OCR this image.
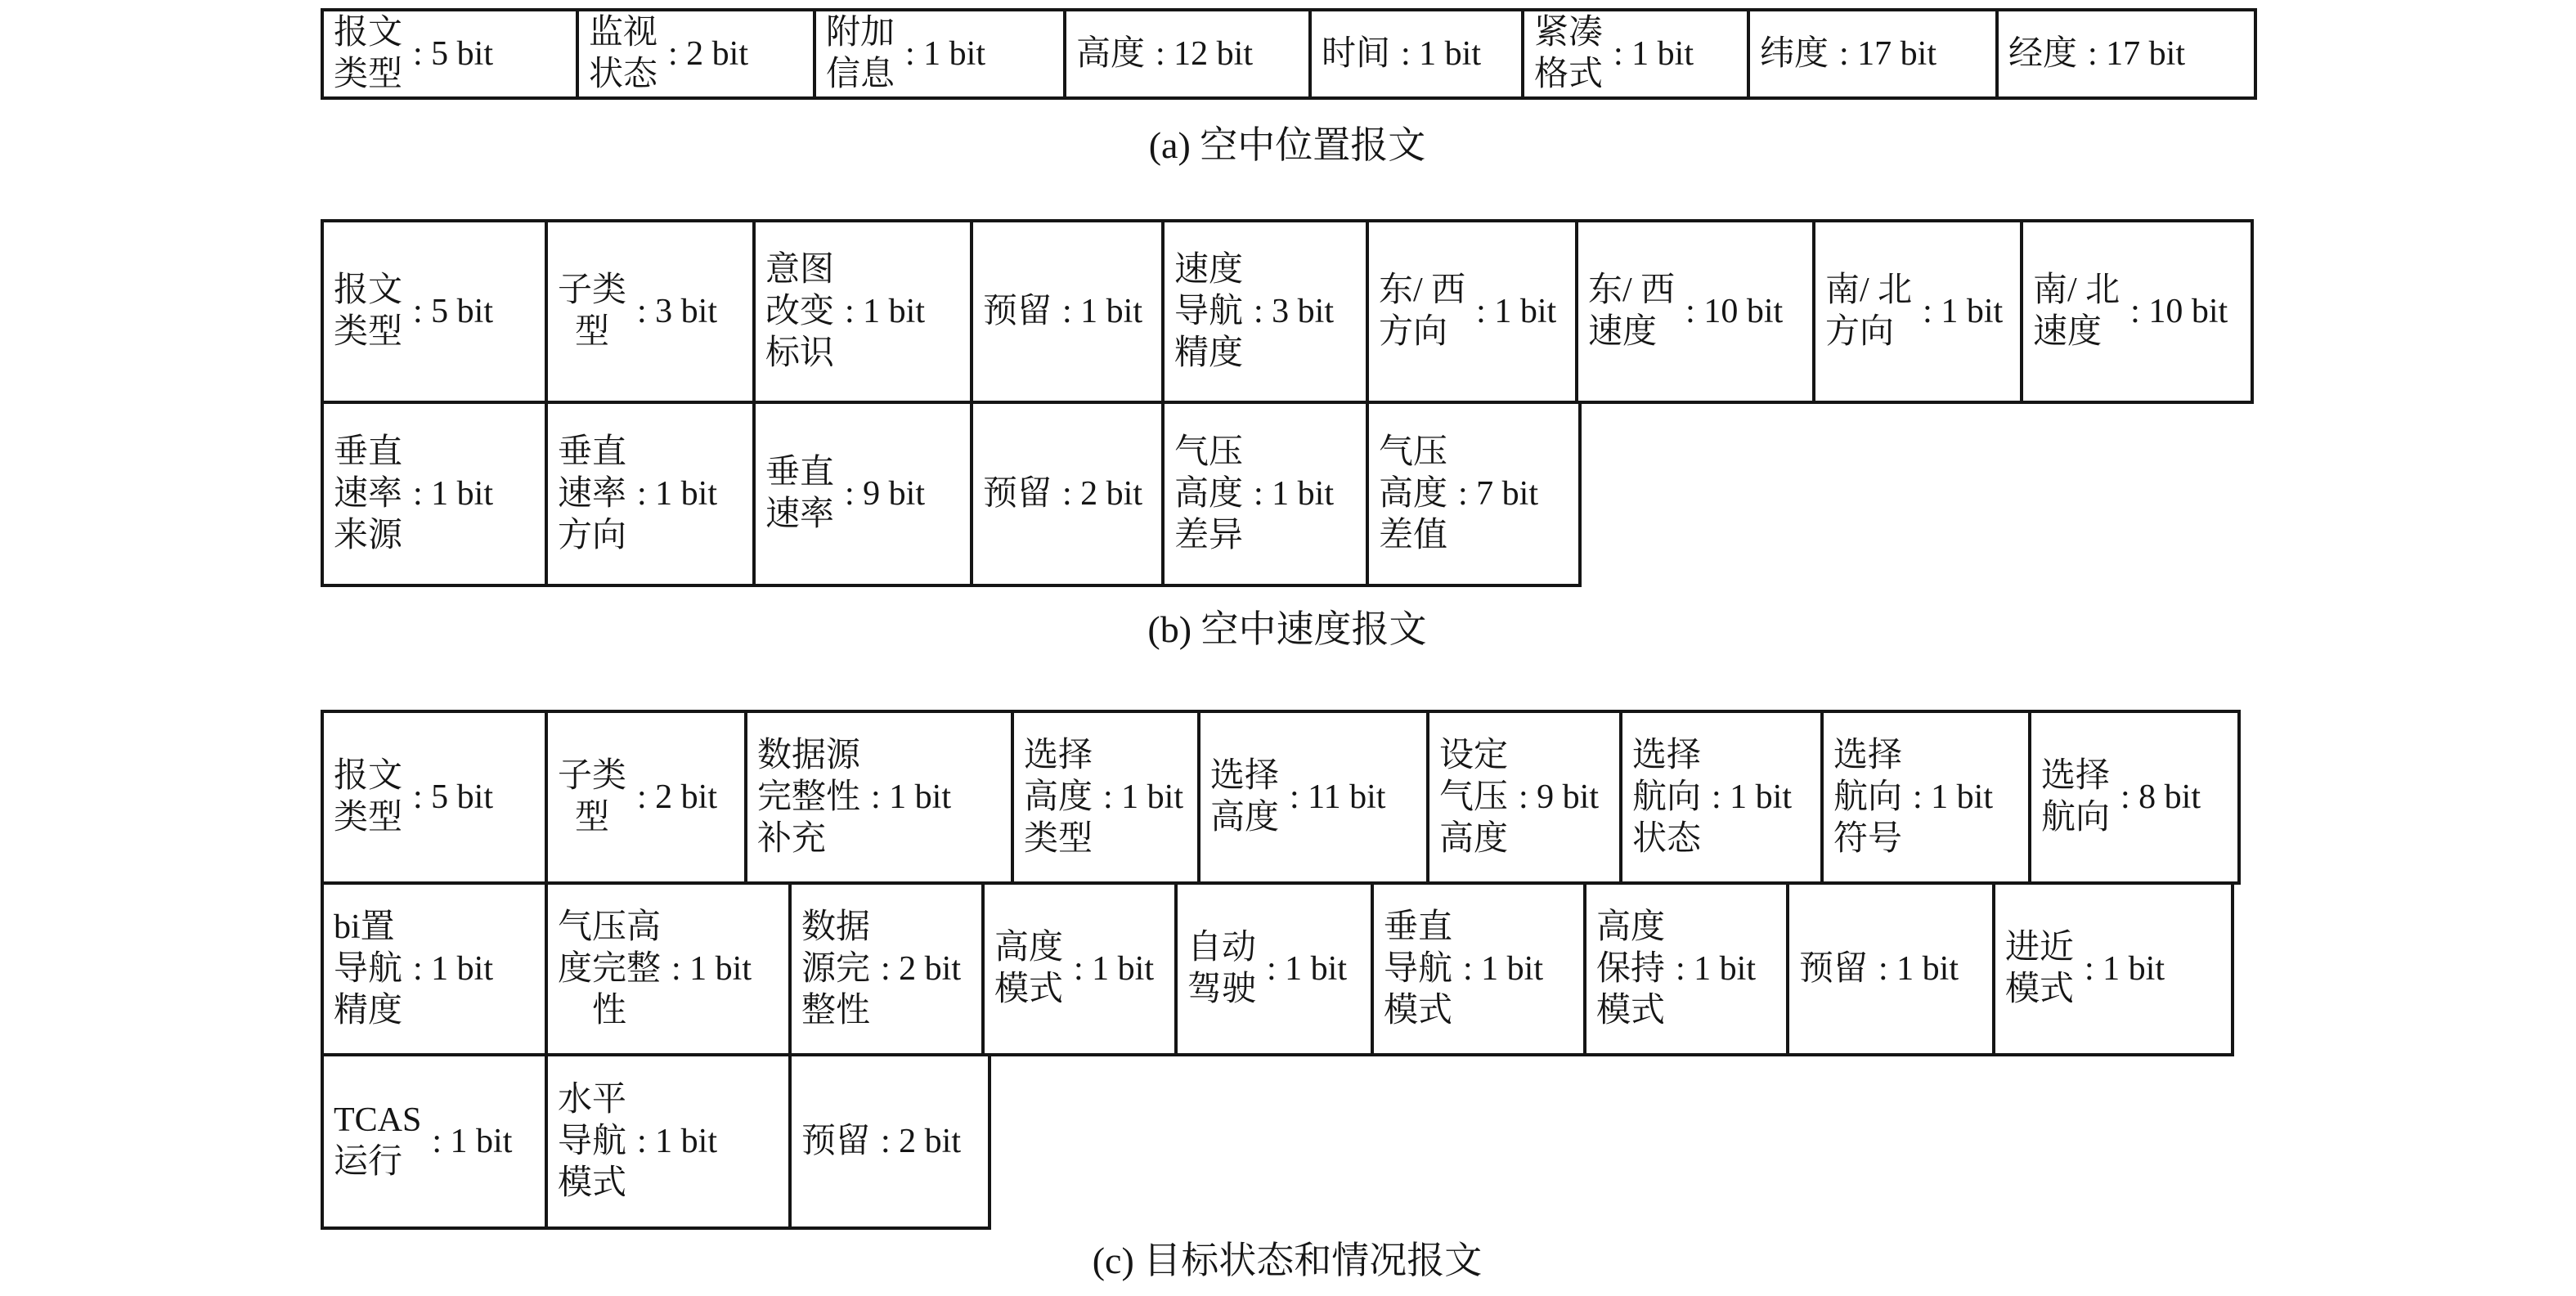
报文
类型
: 5 bit
监视
状态
: 2 bit
附加
信息
: 1 bit	高度 : 12 bit 时间 : 1 bit
紧凑
格式
: 1 bit 纬度 : 17 bit 经度 : 17 bit
(a) 空中位置报文
报文
类型
: 5 bit
子类
型
: 3 bit
意图
改变
标识
: 1 bit 预留 : 1 bit
速度
导航
精度
: 3 bit
东/ 西
方向
: 1 bit
东/ 西
速度
: 10 bit
南/ 北
方向
: 1 bit
南/ 北
速度
: 10 bit
垂直
速率
来源
: 1 bit
垂直
速率
方向
: 1 bit
垂直
速率
: 9 bit 预留 : 2 bit
气压
高度
差异
: 1 bit
气压
高度
差值
: 7 bit
(b) 空中速度报文
报文
类型
: 5 bit
子类
型
: 2 bit
数据源
完整性
补充
: 1 bit
选择
高度
类型
: 1 bit
选择
高度
: 11 bit
设定
气压
高度
: 9 bit
选择
航向
状态
: 1 bit
选择
航向
符号
: 1 bit
选择
航向
: 8 bit
bi置
导航
精度
: 1 bit
气压高
度完整
性
: 1 bit
数据
源完
整性
: 2 bit
高度
模式
: 1 bit
自动
驾驶
: 1 bit
垂直
导航
模式
: 1 bit
高度
保持
模式
: 1 bit 预留 : 1 bit
进近
模式
: 1 bit
TCAS
运行
: 1 bit
水平
导航
模式
: 1 bit 预留 : 2 bit
(c) 目标状态和情况报文
